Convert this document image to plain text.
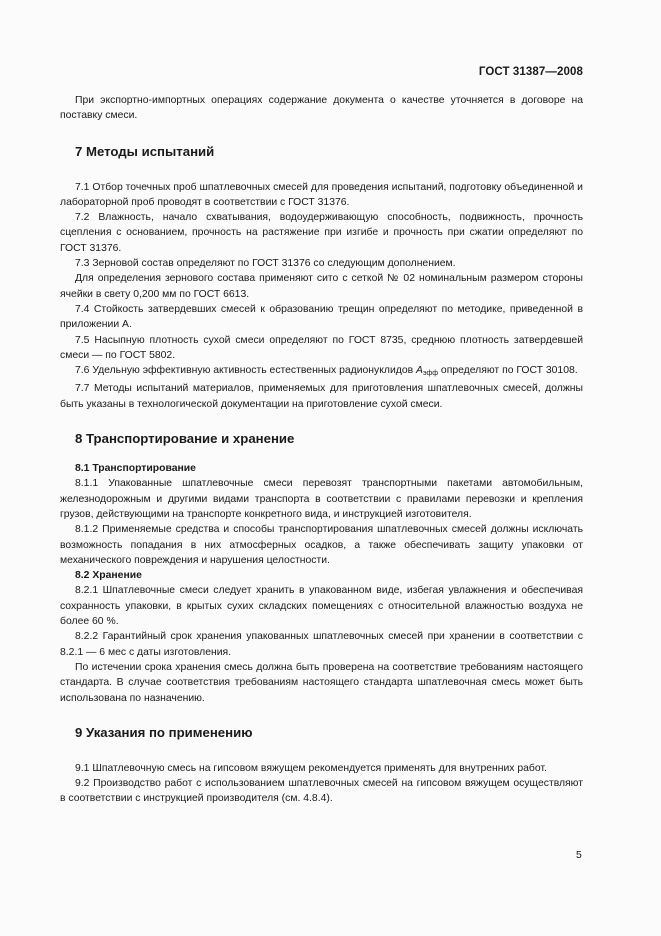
ГОСТ 31387—2008

При экспортно-импортных операциях содержание документа о качестве уточняется в договоре на поставку смеси.

7 Методы испытаний

7.1 Отбор точечных проб шпатлевочных смесей для проведения испытаний, подготовку объединенной и лабораторной проб проводят в соответствии с ГОСТ 31376.

7.2 Влажность, начало схватывания, водоудерживающую способность, подвижность, прочность сцепления с основанием, прочность на растяжение при изгибе и прочность при сжатии определяют по ГОСТ 31376.

7.3 Зерновой состав определяют по ГОСТ 31376 со следующим дополнением.

Для определения зернового состава применяют сито с сеткой № 02 номинальным размером стороны ячейки в свету 0,200 мм по ГОСТ 6613.

7.4 Стойкость затвердевших смесей к образованию трещин определяют по методике, приведенной в приложении А.

7.5 Насыпную плотность сухой смеси определяют по ГОСТ 8735, среднюю плотность затвердевшей смеси — по ГОСТ 5802.

7.6 Удельную эффективную активность естественных радионуклидов $A_{эфф}$ определяют по ГОСТ 30108.

7.7 Методы испытаний материалов, применяемых для приготовления шпатлевочных смесей, должны быть указаны в технологической документации на приготовление сухой смеси.

8 Транспортирование и хранение
8.1 Транспортирование

8.1.1 Упакованные шпатлевочные смеси перевозят транспортными пакетами автомобильным, железнодорожным и другими видами транспорта в соответствии с правилами перевозки и крепления грузов, действующими на транспорте конкретного вида, и инструкцией изготовителя.

8.1.2 Применяемые средства и способы транспортирования шпатлевочных смесей должны исключать возможность попадания в них атмосферных осадков, а также обеспечивать защиту упаковки от механического повреждения и нарушения целостности.

8.2 Хранение

8.2.1 Шпатлевочные смеси следует хранить в упакованном виде, избегая увлажнения и обеспечивая сохранность упаковки, в крытых сухих складских помещениях с относительной влажностью воздуха не более 60 %.

8.2.2 Гарантийный срок хранения упакованных шпатлевочных смесей при хранении в соответствии с 8.2.1 — 6 мес с даты изготовления.

По истечении срока хранения смесь должна быть проверена на соответствие требованиям настоящего стандарта. В случае соответствия требованиям настоящего стандарта шпатлевочная смесь может быть использована по назначению.

9 Указания по применению

9.1 Шпатлевочную смесь на гипсовом вяжущем рекомендуется применять для внутренних работ.

9.2 Производство работ с использованием шпатлевочных смесей на гипсовом вяжущем осуществляют в соответствии с инструкцией производителя (см. 4.8.4).

5
